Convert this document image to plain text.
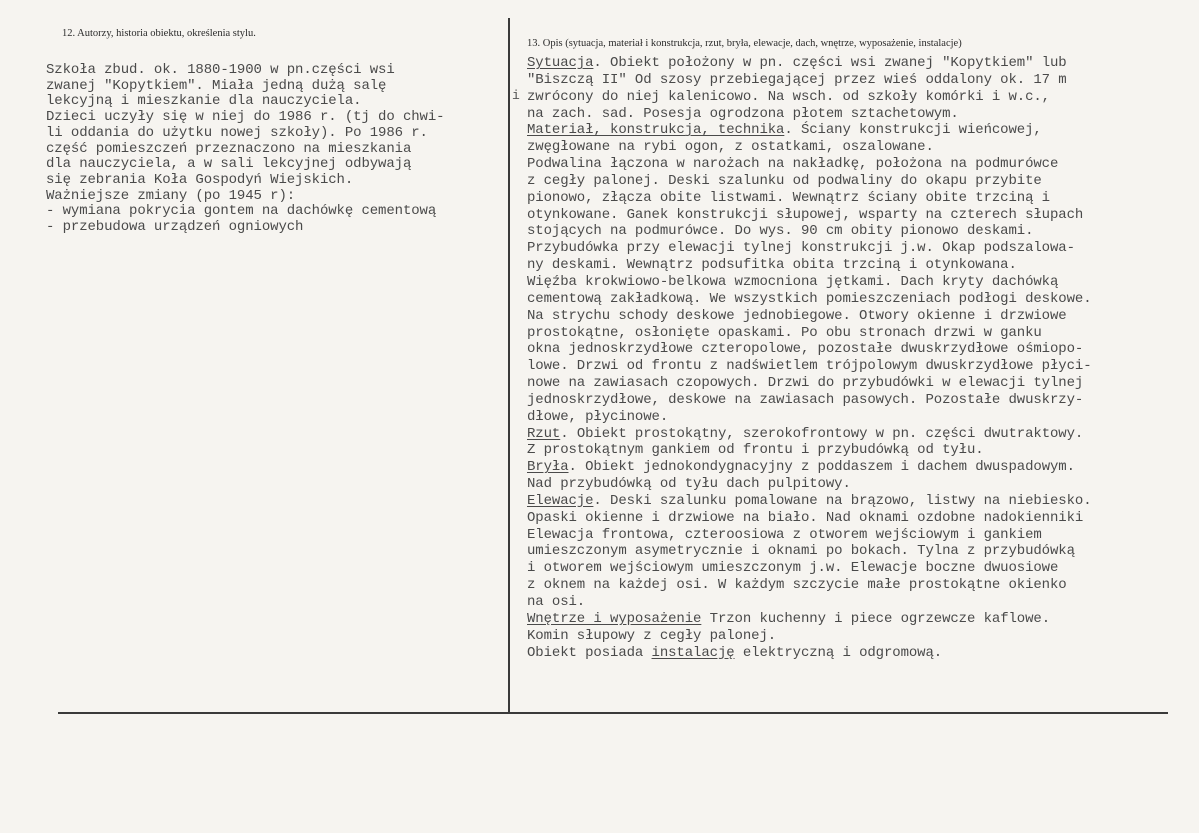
12. Autorzy, historia obiektu, określenia stylu.
13. Opis (sytuacja, materiał i konstrukcja, rzut, bryła, elewacje, dach, wnętrze, wyposażenie, instalacje)
i
Szkoła zbud. ok. 1880-1900 w pn.części wsi
zwanej "Kopytkiem". Miała jedną dużą salę
lekcyjną i mieszkanie dla nauczyciela.
Dzieci uczyły się w niej do 1986 r. (tj do chwi-
li oddania do użytku nowej szkoły). Po 1986 r.
część pomieszczeń przeznaczono na mieszkania
dla nauczyciela, a w sali lekcyjnej odbywają
się zebrania Koła Gospodyń Wiejskich.
Ważniejsze zmiany (po 1945 r):
- wymiana pokrycia gontem na dachówkę cementową
- przebudowa urządzeń ogniowych
Sytuacja. Obiekt położony w pn. części wsi zwanej "Kopytkiem" lub
"Biszczą II" Od szosy przebiegającej przez wieś oddalony ok. 17 m
zwrócony do niej kalenicowo. Na wsch. od szkoły komórki i w.c.,
na zach. sad. Posesja ogrodzona płotem sztachetowym.
Materiał, konstrukcja, technika. Ściany konstrukcji wieńcowej,
zwęgłowane na rybi ogon, z ostatkami, oszalowane.
Podwalina łączona w narożach na nakładkę, położona na podmurówce
z cegły palonej. Deski szalunku od podwaliny do okapu przybite
pionowo, złącza obite listwami. Wewnątrz ściany obite trzciną i
otynkowane. Ganek konstrukcji słupowej, wsparty na czterech słupach
stojących na podmurówce. Do wys. 90 cm obity pionowo deskami.
Przybudówka przy elewacji tylnej konstrukcji j.w. Okap podszalowa-
ny deskami. Wewnątrz podsufitka obita trzciną i otynkowana.
Więźba krokwiowo-belkowa wzmocniona jętkami. Dach kryty dachówką
cementową zakładkową. We wszystkich pomieszczeniach podłogi deskowe.
Na strychu schody deskowe jednobiegowe. Otwory okienne i drzwiowe
prostokątne, osłonięte opaskami. Po obu stronach drzwi w ganku
okna jednoskrzydłowe czteropolowe, pozostałe dwuskrzydłowe ośmiopo-
lowe. Drzwi od frontu z nadświetlem trójpolowym dwuskrzydłowe płyci-
nowe na zawiasach czopowych. Drzwi do przybudówki w elewacji tylnej
jednoskrzydłowe, deskowe na zawiasach pasowych. Pozostałe dwuskrzy-
dłowe, płycinowe.
Rzut. Obiekt prostokątny, szerokofrontowy w pn. części dwutraktowy.
Z prostokątnym gankiem od frontu i przybudówką od tyłu.
Bryła. Obiekt jednokondygnacyjny z poddaszem i dachem dwuspadowym.
Nad przybudówką od tyłu dach pulpitowy.
Elewacje. Deski szalunku pomalowane na brązowo, listwy na niebiesko.
Opaski okienne i drzwiowe na biało. Nad oknami ozdobne nadokienniki
Elewacja frontowa, czteroosiowa z otworem wejściowym i gankiem
umieszczonym asymetrycznie i oknami po bokach. Tylna z przybudówką
i otworem wejściowym umieszczonym j.w. Elewacje boczne dwuosiowe
z oknem na każdej osi. W każdym szczycie małe prostokątne okienko
na osi.
Wnętrze i wyposażenie Trzon kuchenny i piece ogrzewcze kaflowe.
Komin słupowy z cegły palonej.
Obiekt posiada instalację elektryczną i odgromową.
